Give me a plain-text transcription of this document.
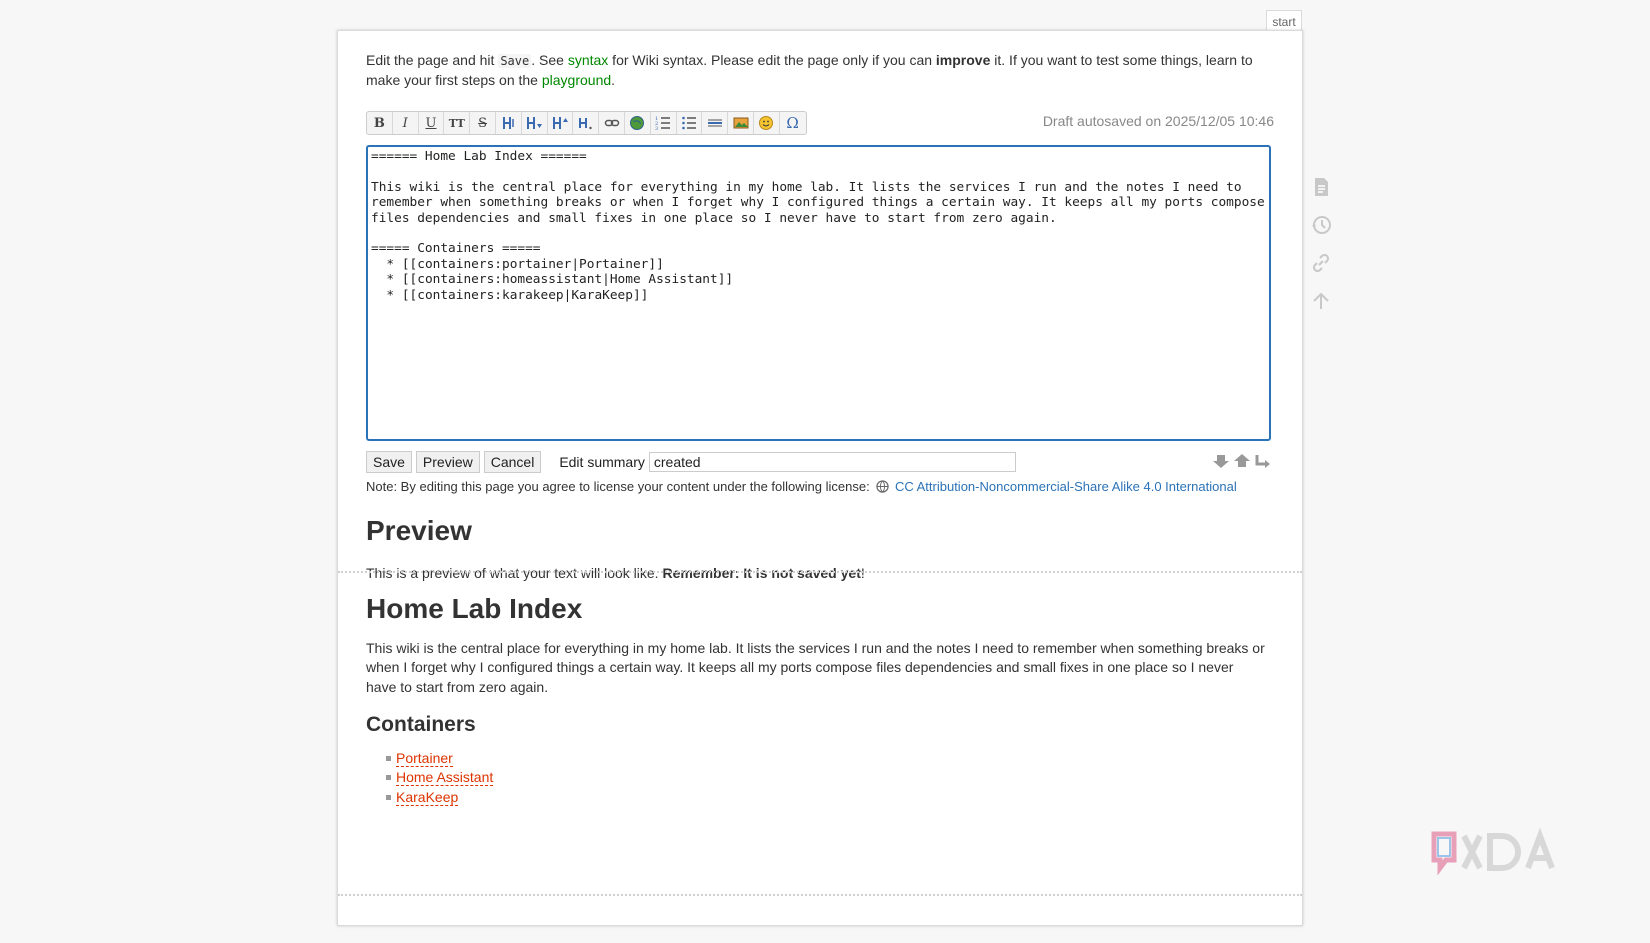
start
Edit the page and hit Save . See syntax for Wiki syntax. Please edit the page only if you can improve it. If you want to test some things, learn to make your first steps on the playground.
B I U	TT	S	1
2
3	Ω	Draft autosaved on 2025/12/05 10:46
====== Home Lab Index ======

This wiki is the central place for everything in my home lab. It lists the services I run and the notes I need to remember when something breaks or when I forget why I configured things a certain way. It keeps all my ports compose files dependencies and small fixes in one place so I never have to start from zero again.

===== Containers =====
* [[containers:portainer|Portainer]]
* [[containers:homeassistant|Home Assistant]]
* [[containers:karakeep|KaraKeep]]
Save	Preview	Cancel	Edit summary created
Note: By editing this page you agree to license your content under the following license: CC Attribution-Noncommercial-Share Alike 4.0 International
Preview
This is a preview of what your text will look like. Remember: It is not saved yet!
Home Lab Index
This wiki is the central place for everything in my home lab. It lists the services I run and the notes I need to remember when something breaks or when I forget why I configured things a certain way. It keeps all my ports compose files dependencies and small fixes in one place so I never have to start from zero again.
Containers
Portainer
Home Assistant
KaraKeep
